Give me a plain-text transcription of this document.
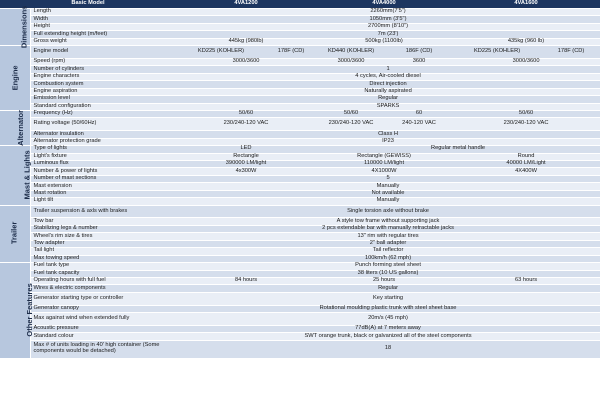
Basic Model		4VA1200		4VA4000		4VA1600	
Dimensions	Length	2260mm(7'5")					
	Width	1050mm (3'5")					
	Height	2700mm (8'10")					
	Full extending height (m/feet)	7m (23')					
	Gross weight	445kg (980lb)		500kg (1100lb)		435kg (960 lb)	
Engine	Engine model	KD225 (KOHLER)	178F (CD)	KD440 (KOHLER)	186F (CD)	KD225 (KOHLER)	178F (CD)
	Speed (rpm)	3000/3600		3000/3600	3600	3000/3600	
	Number of cylinders	1					
	Engine characters	4 cycles, Air-cooled diesel					
	Combustion system	Direct injection					
	Engine aspiration	Naturally aspirated					
	Emission level	Regular					
	Standard configuration	SPARKS					
Alternator	Frequency (Hz)	50/60		50/60	60	50/60	
	Rating voltage (50/60Hz)	230/240-120 VAC		230/240-120 VAC	240-120 VAC	230/240-120 VAC	
	Alternator insulation	Class H					
	Alternator protection grade	IP23					
Mast & Lights	Type of lights	LED		Regular metal handle			
	Light's fixture	Rectangle		Rectangle (GEWISS)		Round	
	Luminous flux	390000 LM/light		110000 LM/light		40000 LM/Light	
	Number & power of lights	4x300W		4X1000W		4X400W	
	Number of mast sections	5					
	Mast extension	Manually					
	Mast rotation	Not available					
	Light tilt	Manually					
Trailer	Trailer suspension & axls with brakes	Single torsion axle without brake					
	Tow bar	A style tow frame without supporting jack					
	Stabilizing legs & number	2 pcs extendable bar with manually retractable jacks					
	Wheel's rim size & tires	13" rim with regular tires					
	Tow adapter	2" ball adapter					
	Tail light	Tail reflector					
	Max towing speed	100km/h (62 mph)					
Other Features	Fuel tank type	Punch forming steel sheet					
	Fuel tank capacity	38 liters (10 US gallons)					
	Operating hours with full fuel	84 hours		25 hours		63 hours	
	Wires & electric components	Regular					
	Generator starting type or controller	Key starting					
	Generator canopy	Rotational moulding plastic trunk with steel sheet base					
	Max against wind when extended fully	20m/s (45 mph)					
	Acoustic pressure	77dB(A) at 7 meters away					
	Standard colour	SWT orange trunk, black or galvanized all of the steel components					
	Max # of units loading in 40' high container (Some components would be detached)	18					
